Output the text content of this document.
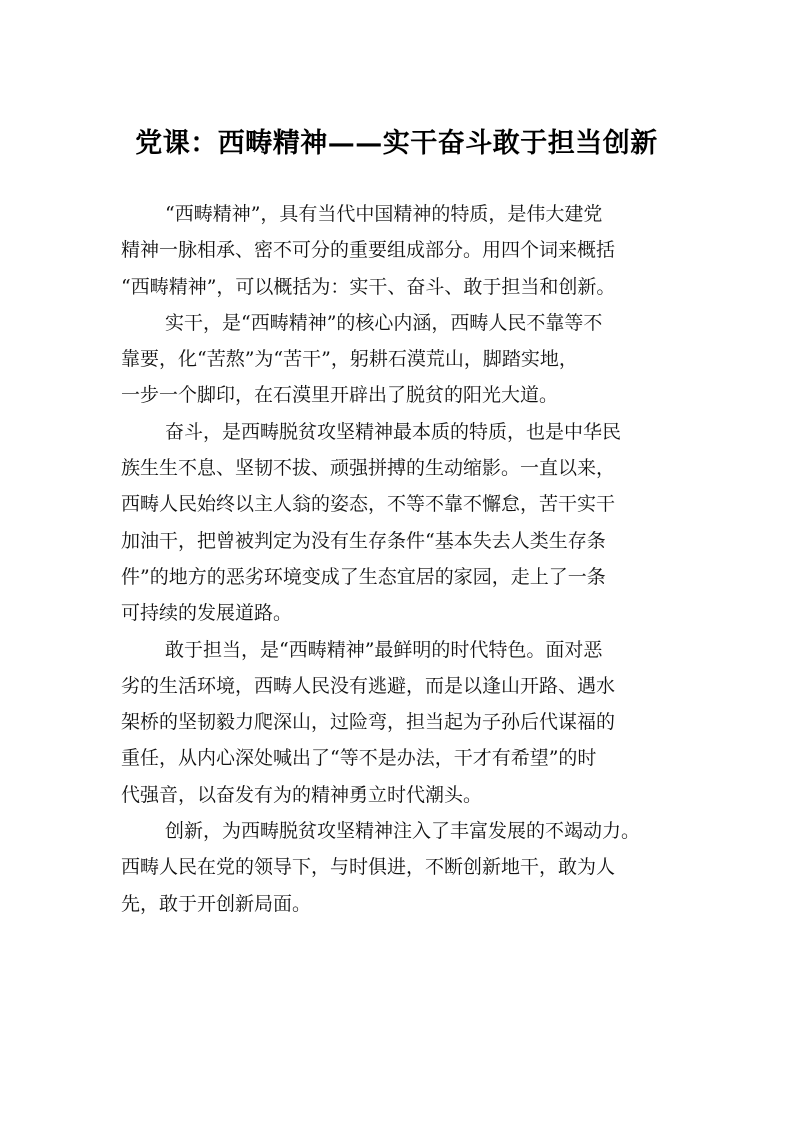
党课：西畴精神——实干奋斗敢于担当创新
“西畴精神”，具有当代中国精神的特质，是伟大建党
精神一脉相承、密不可分的重要组成部分。用四个词来概括
“西畴精神”，可以概括为：实干、奋斗、敢于担当和创新。
实干，是“西畴精神”的核心内涵，西畴人民不靠等不
靠要，化“苦熬”为“苦干”，躬耕石漠荒山，脚踏实地，
一步一个脚印，在石漠里开辟出了脱贫的阳光大道。
奋斗，是西畴脱贫攻坚精神最本质的特质，也是中华民
族生生不息、坚韧不拔、顽强拼搏的生动缩影。一直以来，
西畴人民始终以主人翁的姿态，不等不靠不懈怠，苦干实干
加油干，把曾被判定为没有生存条件“基本失去人类生存条
件”的地方的恶劣环境变成了生态宜居的家园，走上了一条
可持续的发展道路。
敢于担当，是“西畴精神”最鲜明的时代特色。面对恶
劣的生活环境，西畴人民没有逃避，而是以逢山开路、遇水
架桥的坚韧毅力爬深山，过险弯，担当起为子孙后代谋福的
重任，从内心深处喊出了“等不是办法，干才有希望”的时
代强音，以奋发有为的精神勇立时代潮头。
创新，为西畴脱贫攻坚精神注入了丰富发展的不竭动力。
西畴人民在党的领导下，与时俱进，不断创新地干，敢为人
先，敢于开创新局面。
